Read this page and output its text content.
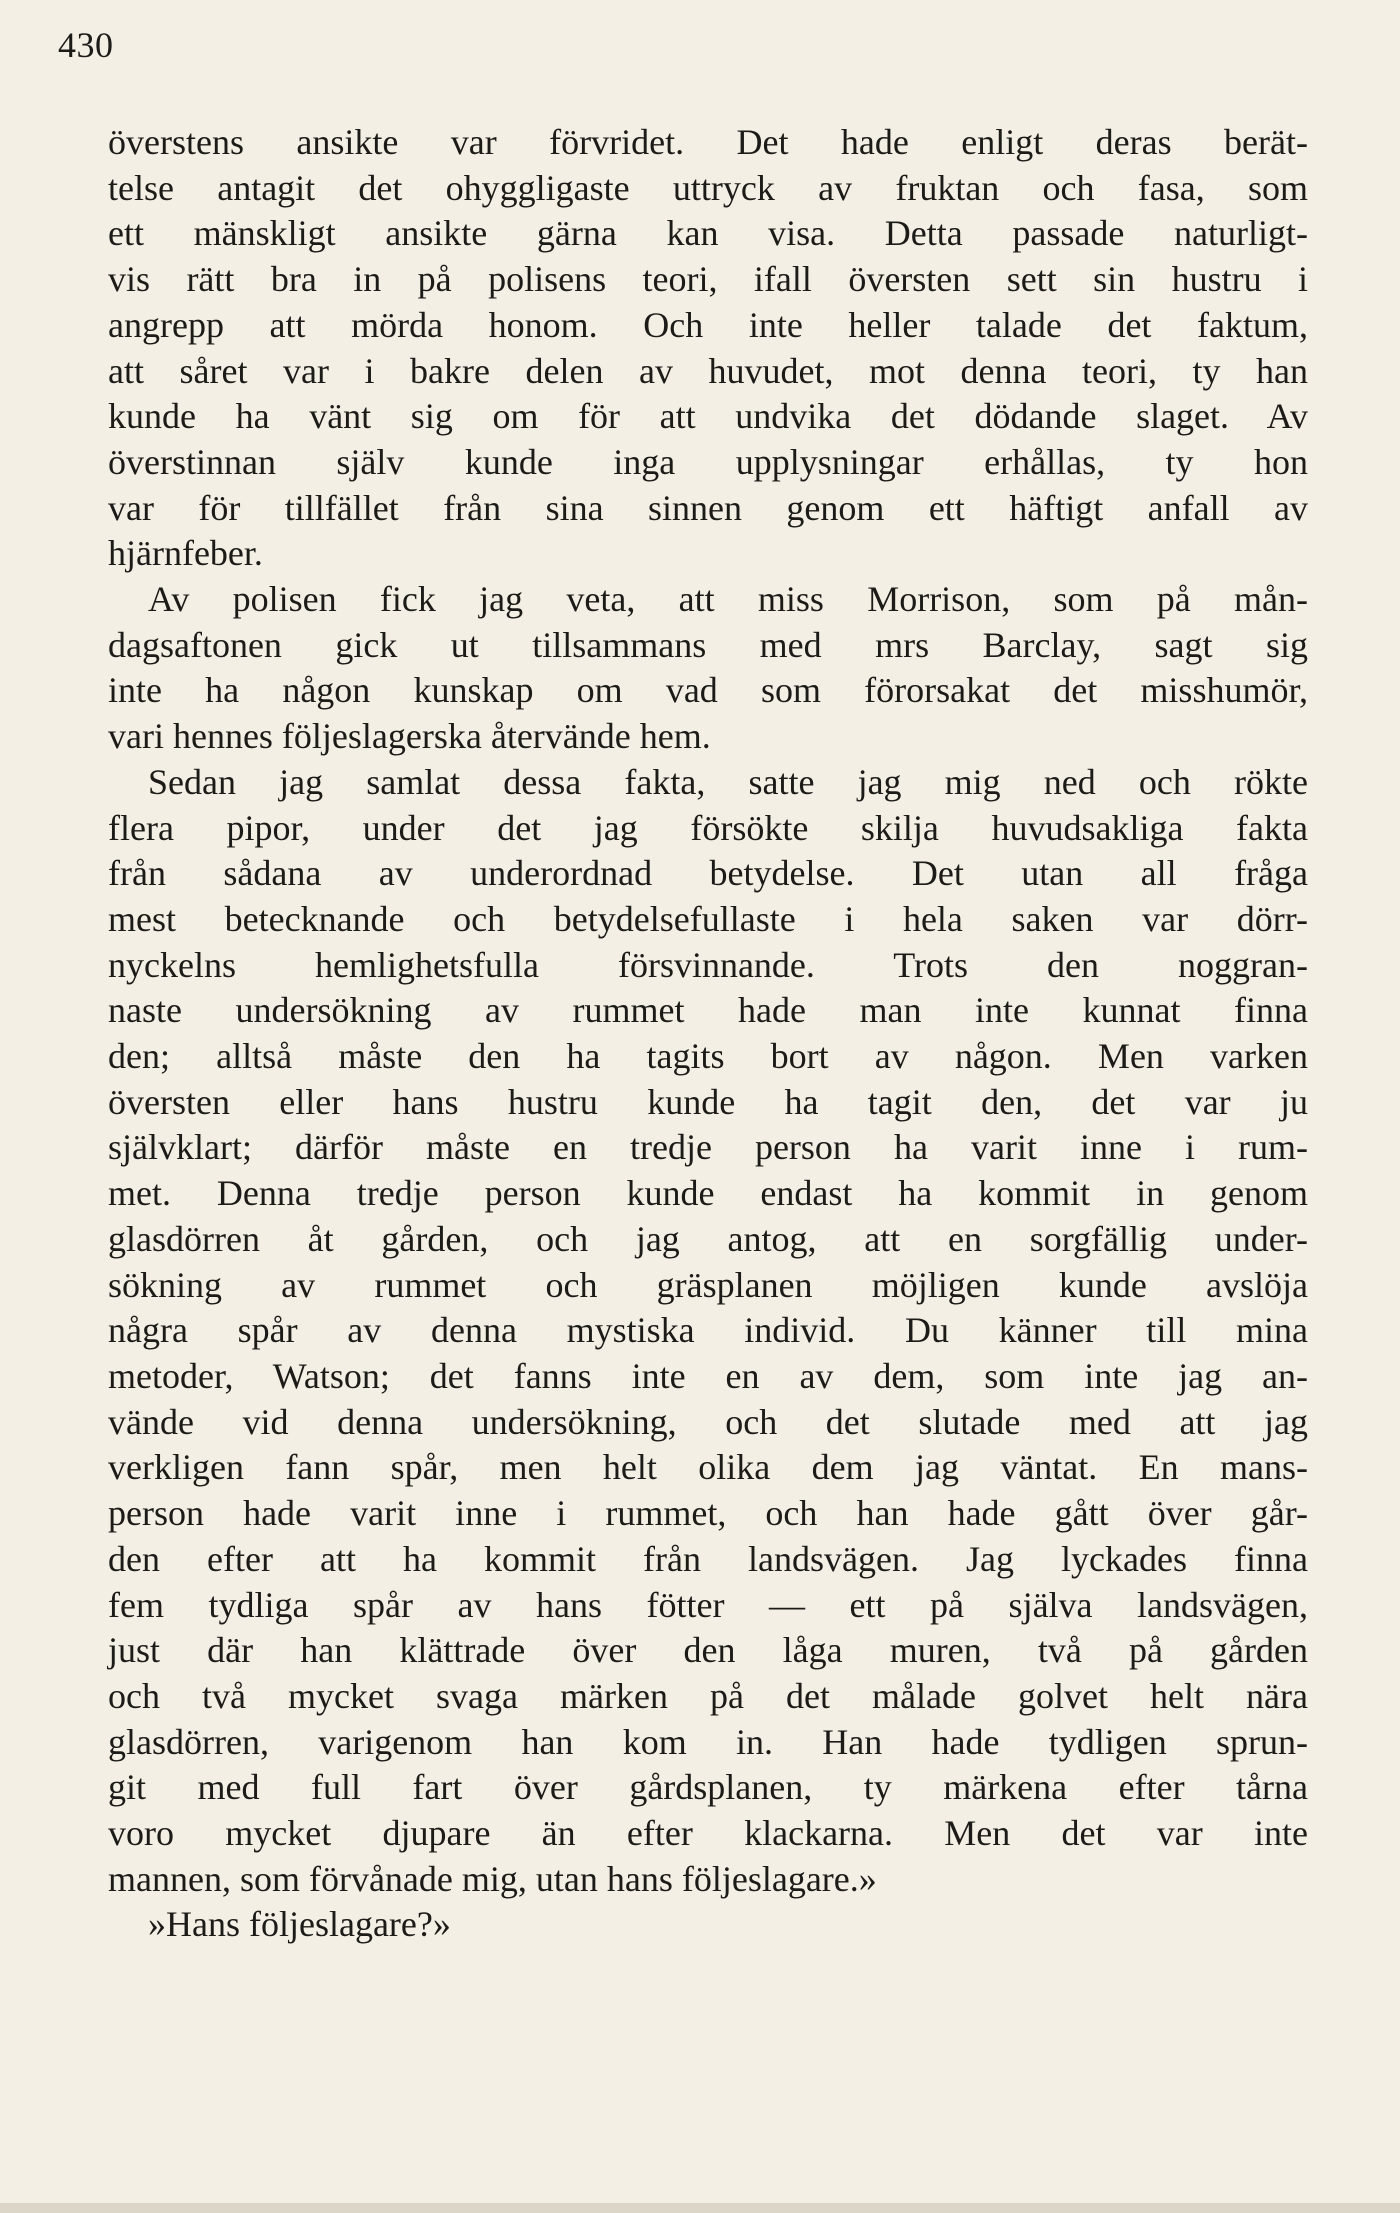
430
överstens ansikte var förvridet. Det hade enligt deras berät-
telse antagit det ohyggligaste uttryck av fruktan och fasa, som
ett mänskligt ansikte gärna kan visa. Detta passade naturligt-
vis rätt bra in på polisens teori, ifall översten sett sin hustru i
angrepp att mörda honom. Och inte heller talade det faktum,
att såret var i bakre delen av huvudet, mot denna teori, ty han
kunde ha vänt sig om för att undvika det dödande slaget. Av
överstinnan själv kunde inga upplysningar erhållas, ty hon
var för tillfället från sina sinnen genom ett häftigt anfall av
hjärnfeber.
Av polisen fick jag veta, att miss Morrison, som på mån-
dagsaftonen gick ut tillsammans med mrs Barclay, sagt sig
inte ha någon kunskap om vad som förorsakat det misshumör,
vari hennes följeslagerska återvände hem.
Sedan jag samlat dessa fakta, satte jag mig ned och rökte
flera pipor, under det jag försökte skilja huvudsakliga fakta
från sådana av underordnad betydelse. Det utan all fråga
mest betecknande och betydelsefullaste i hela saken var dörr-
nyckelns hemlighetsfulla försvinnande. Trots den noggran-
naste undersökning av rummet hade man inte kunnat finna
den; alltså måste den ha tagits bort av någon. Men varken
översten eller hans hustru kunde ha tagit den, det var ju
självklart; därför måste en tredje person ha varit inne i rum-
met. Denna tredje person kunde endast ha kommit in genom
glasdörren åt gården, och jag antog, att en sorgfällig under-
sökning av rummet och gräsplanen möjligen kunde avslöja
några spår av denna mystiska individ. Du känner till mina
metoder, Watson; det fanns inte en av dem, som inte jag an-
vände vid denna undersökning, och det slutade med att jag
verkligen fann spår, men helt olika dem jag väntat. En mans-
person hade varit inne i rummet, och han hade gått över går-
den efter att ha kommit från landsvägen. Jag lyckades finna
fem tydliga spår av hans fötter — ett på själva landsvägen,
just där han klättrade över den låga muren, två på gården
och två mycket svaga märken på det målade golvet helt nära
glasdörren, varigenom han kom in. Han hade tydligen sprun-
git med full fart över gårdsplanen, ty märkena efter tårna
voro mycket djupare än efter klackarna. Men det var inte
mannen, som förvånade mig, utan hans följeslagare.»
»Hans följeslagare?»
